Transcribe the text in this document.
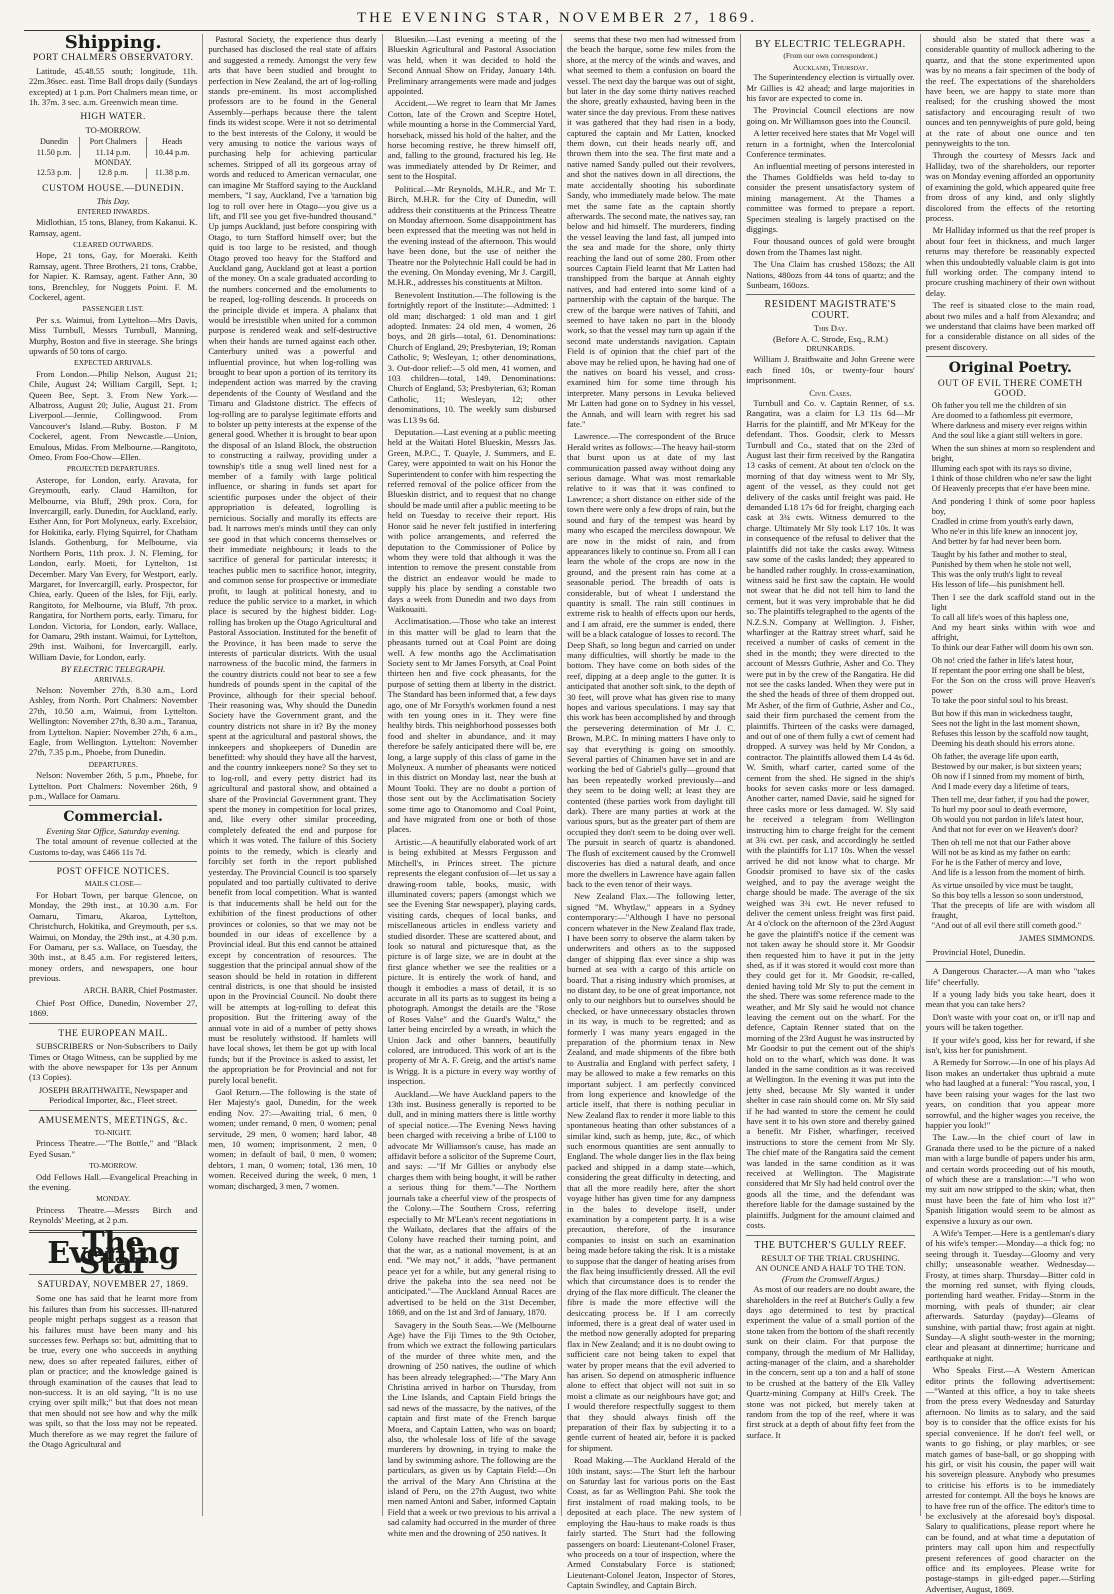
THE EVENING STAR, NOVEMBER 27, 1869.
Shipping.
PORT CHALMERS OBSERVATORY.

Latitude, 45.48.55 south; longitude, 11h. 22m.36sec. east. Time Ball drops daily (Sundays excepted) at 1 p.m. Port Chalmers mean time, or 1h. 37m. 3 sec. a.m. Greenwich mean time.

HIGH WATER.
TO-MORROW.
Dunedin	Port Chalmers	Heads
11.50 p.m.	11.14 p.m.	10.44 p.m.
MONDAY.		
12.53 p.m.	12.8 p.m.	11.38 p.m.
CUSTOM HOUSE.—DUNEDIN.
This Day.
ENTERED INWARDS.

Midlothian, 15 tons, Blaney, from Kakanui. K. Ramsay, agent.

CLEARED OUTWARDS.

Hope, 21 tons, Gay, for Moeraki. Keith Ramsay, agent. Three Brothers, 21 tons, Crabbe, for Napier. K. Ramsay, agent. Father Ann, 30 tons, Brenchley, for Nuggets Point. F. M. Cockerel, agent.

PASSENGER LIST.

Per s.s. Waimui, from Lyttelton—Mrs Davis, Miss Turnbull, Messrs Turnbull, Manning, Murphy, Boston and five in steerage. She brings upwards of 50 tons of cargo.

EXPECTED ARRIVALS.

From London.—Philip Nelson, August 21; Chile, August 24; William Cargill, Sept. 1; Queen Bee, Sept. 3. From New York.—Albatross, August 20; Julie, August 21. From Liverpool.—Jennie, Collingwood. From Vancouver's Island.—Ruby. Boston. F M Cockerel, agent. From Newcastle.—Union, Emulous, Midas. From Melbourne.—Rangitoto, Omeo. From Foo-Chow—Ellen.

PROJECTED DEPARTURES.

Asterope, for London, early. Aravata, for Greymouth, early. Claud Hamilton, for Melbourne, via Bluff, 29th prox. Cora, for Invercargill, early. Dunedin, for Auckland, early. Esther Ann, for Port Molyneux, early. Excelsior, for Hokitika, early. Flying Squirrel, for Chatham Islands. Gothenburg, for Melbourne, via Northern Ports, 11th prox. J. N. Fleming, for London, early. Moeti, for Lyttelton, 1st December. Mary Van Every, for Westport, early. Margaret, for Invercargill, early. Prospector, for Chiea, early. Queen of the Isles, for Fiji, early. Rangitoto, for Melbourne, via Bluff, 7th prox. Rangatira, for Northern ports, early. Timaru, for London. Victoria, for London, early. Wallace, for Oamaru, 29th instant. Waimui, for Lyttelton, 29th inst. Waihoni, for Invercargill, early. William Davie, for London, early.

BY ELECTRIC TELEGRAPH.
ARRIVALS.

Nelson: November 27th, 8.30 a.m., Lord Ashley, from North. Port Chalmers: November 27th, 10.50 a.m, Waimui, from Lyttelton. Wellington: November 27th, 8.30 a.m., Taranua, from Lyttelton. Napier: November 27th, 6 a.m., Eagle, from Wellington. Lyttelton: November 27th, 7.35 p.m., Phoebe, from Dunedin.

DEPARTURES.

Nelson: November 26th, 5 p.m., Phoebe, for Lyttelton. Port Chalmers: November 26th, 9 p.m., Wallace for Oamaru.

Commercial.
Evening Star Office, Saturday evening.

The total amount of revenue collected at the Customs to-day, was £466 11s 7d.

POST OFFICE NOTICES.
MAILS CLOSE—

For Hobart Town, per barque Glencoe, on Monday, the 29th inst., at 10.30 a.m. For Oamaru, Timaru, Akaroa, Lyttelton, Christchurch, Hokitika, and Greymouth, per s.s. Waimui, on Monday, the 29th inst., at 4.30 p.m. For Oamaru, per s.s. Wallace, on Tuesday, the 30th inst., at 8.45 a.m. For registered letters, money orders, and newspapers, one hour previous.

ARCH. BARR, Chief Postmaster.

Chief Post Office, Dunedin, November 27, 1869.

THE EUROPEAN MAIL.

SUBSCRIBERS or Non-Subscribers to Daily Times or Otago Witness, can be supplied by me with the above newspaper for 13s per Annum (13 Copies).

JOSEPH BRAITHWAITE, Newspaper and Periodical Importer, &c., Fleet street.
AMUSEMENTS, MEETINGS, &c.
TO-NIGHT.

Princess Theatre.—"The Bottle," and "Black Eyed Susan."

TO-MORROW.

Odd Fellows Hall.—Evangelical Preaching in the evening.

MONDAY.

Princess Theatre.—Messrs Birch and Reynolds' Meeting, at 2 p.m.

The Evening Star
SATURDAY, NOVEMBER 27, 1869.

Some one has said that he learnt more from his failures than from his successes. Ill-natured people might perhaps suggest as a reason that his failures must have been many and his successes few. Perhaps so: but, admitting that to be true, every one who succeeds in anything new, does so after repeated failures, either of plan or practice; and the knowledge gained is through examination of the causes that lead to non-success. It is an old saying, "It is no use crying over spilt milk;" but that does not mean that men should not see how and why the milk was spilt, so that the loss may not be repeated. Much therefore as we may regret the failure of the Otago Agricultural and

Pastoral Society, the experience thus dearly purchased has disclosed the real state of affairs and suggested a remedy. Amongst the very few arts that have been studied and brought to perfection in New Zealand, the art of log-rolling stands pre-eminent. Its most accomplished professors are to be found in the General Assembly—perhaps because there the talent finds its widest scope. Were it not so detrimental to the best interests of the Colony, it would be very amusing to notice the various ways of purchasing help for achieving particular schemes. Stripped of all its gorgeous array of words and reduced to American vernacular, one can imagine Mr Stafford saying to the Auckland members, "I say, Auckland, I've a 'tarnation big log to roll over here in Otago—you give us a lift, and I'll see you get five-hundred thousand." Up jumps Auckland, just before conspiring with Otago, to turn Stafford himself over; but the quid is too large to be resisted, and though Otago proved too heavy for the Stafford and Auckland gang, Auckland got at least a portion of the money. On a scale graduated according to the numbers concerned and the emoluments to be reaped, log-rolling descends. It proceeds on the principle divide et impera. A phalanx that would be irresistible when united for a common purpose is rendered weak and self-destructive when their hands are turned against each other. Canterbury united was a powerful and influential province, but when log-rolling was brought to bear upon a portion of its territory its independent action was marred by the craving dependents of the County of Westland and the Timaru and Gladstone district. The effects of log-rolling are to paralyse legitimate efforts and to bolster up petty interests at the expense of the general good. Whether it is brought to bear upon the disposal of an Island Block, the obstruction to constructing a railway, providing under a township's title a snug well lined nest for a member of a family with large political influence, or sharing in funds set apart for scientific purposes under the object of their appropriation is defeated, logrolling is pernicious. Socially and morally its effects are bad. It narrows men's minds until they can only see good in that which concerns themselves or their immediate neighbours; it leads to the sacrifice of general for particular interests; it teaches public men to sacrifice honor, integrity, and common sense for prospective or immediate profit, to laugh at political honesty, and to reduce the public service to a market, in which place is secured by the highest bidder. Log-rolling has broken up the Otago Agricultural and Pastoral Association. Instituted for the benefit of the Province, it has been made to serve the interests of particular districts. With the usual narrowness of the bucolic mind, the farmers in the country districts could not bear to see a few hundreds of pounds spent in the capital of the Province, although for their special behoof. Their reasoning was, Why should the Dunedin Society have the Government grant, and the country districts not share in it? By the money spent at the agricultural and pastoral shows, the innkeepers and shopkeepers of Dunedin are benefitted: why should they have all the harvest, and the country innkeepers none? So they set to to log-roll, and every petty district had its agricultural and pastoral show, and obtained a share of the Provincial Government grant. They spent the money in competition for local prizes, and, like every other similar proceeding, completely defeated the end and purpose for which it was voted. The failure of this Society points to the remedy, which is clearly and forcibly set forth in the report published yesterday. The Provincial Council is too sparsely populated and too partially cultivated to derive benefit from local competition. What is wanted is that inducements shall be held out for the exhibition of the finest productions of other provinces or colonies, so that we may not be bounded in our ideas of excellence by a Provincial ideal. But this end cannot be attained except by concentration of resources. The suggestion that the principal annual show of the season should be held in rotation in different central districts, is one that should be insisted upon in the Provincial Council. No doubt there will be attempts at log-rolling to defeat this proposition. But the frittering away of the annual vote in aid of a number of petty shows must be resolutely withstood. If hamlets will have local shows, let them be got up with local funds; but if the Province is asked to assist, let the appropriation be for Provincial and not for purely local benefit.

Gaol Return.—The following is the state of Her Majesty's gaol, Dunedin, for the week ending Nov. 27:—Awaiting trial, 6 men, 0 women; under remand, 0 men, 0 women; penal servitude, 29 men, 0 women; hard labor, 48 men, 10 women; imprisonment, 2 men, 0 women; in default of bail, 0 men, 0 women; debtors, 1 man, 0 women; total, 136 men, 10 women. Received during the week, 0 men, 1 woman; discharged, 3 men, 7 women.

Bluesikn.—Last evening a meeting of the Blueskin Agricultural and Pastoral Association was held, when it was decided to hold the Second Annual Show on Friday, January 14th. Preliminary arrangements were made and judges appointed.

Accident.—We regret to learn that Mr James Cotton, late of the Crown and Sceptre Hotel, while mounting a horse in the Commercial Yard, horseback, missed his hold of the halter, and the horse becoming restive, he threw himself off, and, falling to the ground, fractured his leg. He was immediately attended by Dr Reimer, and sent to the Hospital.

Political.—Mr Reynolds, M.H.R., and Mr T. Birch, M.H.R. for the City of Dunedin, will address their constituents at the Princess Theatre on Monday afternoon. Some disappointment has been expressed that the meeting was not held in the evening instead of the afternoon. This would have been done, but the use of neither the Theatre nor the Polytechnic Hall could be had in the evening. On Monday evening, Mr J. Cargill, M.H.R., addresses his constituents at Milton.

Benevolent Institution.—The following is the fortnightly report of the Institute:—Admitted: 1 old man; discharged: 1 old man and 1 girl adopted. Inmates: 24 old men, 4 women, 26 boys, and 28 girls—total, 61. Denominations: Church of England, 29; Presbyterian, 19; Roman Catholic, 9; Wesleyan, 1; other denominations, 3. Out-door relief:—5 old men, 41 women, and 103 children—total, 149. Denominations: Church of England, 53; Presbyterian, 63; Roman Catholic, 11; Wesleyan, 12; other denominations, 10. The weekly sum disbursed was L13 9s 6d.

Deputation.—Last evening at a public meeting held at the Waitati Hotel Blueskin, Messrs Jas. Green, M.P.C., T. Quayle, J. Summers, and E. Carey, were appointed to wait on his Honor the Superintendent to confer with him respecting the referred removal of the police officer from the Blueskin district, and to request that no change should be made until after a public meeting to be held on Tuesday to receive their report. His Honor said he never felt justified in interfering with police arrangements, and referred the deputation to the Commissioner of Police by whom they were told that although it was the intention to remove the present constable from the district an endeavor would be made to supply his place by sending a constable two days a week from Dunedin and two days from Waikouaiti.

Acclimatisation.—Those who take an interest in this matter will be glad to learn that the pheasants turned out at Coal Point are doing well. A few months ago the Acclimatisation Society sent to Mr James Forsyth, at Coal Point thirteen hen and five cock pheasants, for the purpose of setting them at liberty in the district. The Standard has been informed that, a few days ago, one of Mr Forsyth's workmen found a nest with ten young ones in it. They were fine healthy birds. This neighborhood possesses both food and shelter in abundance, and it may therefore be safely anticipated there will be, ere long, a large supply of this class of game in the Molyneux. A number of pheasants were noticed in this district on Monday last, near the bush at Mount Tooki. They are no doubt a portion of those sent out by the Acclimatisation Society some time ago to Otanomomo and Coal Point, and have migrated from one or both of those places.

Artistic.—A beautifully elaborated work of art is being exhibited at Messrs Fergusson and Mitchell's, in Princes street. The picture represents the elegant confusion of—let us say a drawing-room table, books, music, with illuminated covers; papers (amongst which we see the Evening Star newspaper), playing cards, visiting cards, cheques of local banks, and miscellaneous articles in endless variety and studied disorder. These are scattered about, and look so natural and picturesque that, as the picture is of large size, we are in doubt at the first glance whether we see the realities or a picture. It is entirely the work of hand, and though it embodies a mass of detail, it is so accurate in all its parts as to suggest its being a photograph. Amongst the details are the "Rose of Roses Valse" and the Guard's Waltz," the latter being encircled by a wreath, in which the Union Jack and other banners, beautifully colored, are introduced. This work of art is the property of Mr A. F. Greig, and the artist's name is Wrigg. It is a picture in every way worthy of inspection.

Auckland.—We have Auckland papers to the 13th inst. Business generally is reported to be dull, and in mining matters there is little worthy of special notice.—The Evening News having been charged with receiving a bribe of L100 to advocate Mr Williamson's cause, has made an affidavit before a solicitor of the Supreme Court, and says: —"If Mr Gillies or anybody else charges them with being bought, it will be rather a serious thing for them."—The Northern journals take a cheerful view of the prospects of the Colony.—The Southern Cross, referring especially to Mr M'Lean's recent negotiations in the Waikato, declares that the affairs of the Colony have reached their turning point, and that the war, as a national movement, is at an end. "We may not," it adds, "have permanent peace yet for a while, but any general rising to drive the pakeha into the sea need not be anticipated."—The Auckland Annual Races are advertised to be held on the 31st December, 1869, and on the 1st and 3rd of January, 1870.

Savagery in the South Seas.—We (Melbourne Age) have the Fiji Times to the 9th October, from which we extract the following particulars of the murder of three white men, and the drowning of 250 natives, the outline of which has been already telegraphed:—"The Mary Ann Christina arrived in harbor on Thursday, from the Line Islands, and Captain Field brings the sad news of the massacre, by the natives, of the captain and first mate of the French barque Moera, and Captain Latten, who was on board; also, the wholesale loss of life of the savage murderers by drowning, in trying to make the land by swimming ashore. The following are the particulars, as given us by Captain Field:—On the arrival of the Mary Ann Christina at the island of Peru, on the 27th August, two white men named Antoni and Saber, informed Captain Field that a week or two previous to his arrival a sad calamity had occurred in the murder of three white men and the drowning of 250 natives. It

seems that these two men had witnessed from the beach the barque, some few miles from the shore, at the mercy of the winds and waves, and what seemed to them a confusion on board the vessel. The next day the barque was out of sight, but later in the day some thirty natives reached the shore, greatly exhausted, having been in the water since the day previous. From these natives it was gathered that they had risen in a body, captured the captain and Mr Latten, knocked them down, cut their heads nearly off, and thrown them into the sea. The first mate and a native named Sandy pulled out their revolvers, and shot the natives down in all directions, the mate accidentally shooting his subordinate Sandy, who immediately made below. The mate met the same fate as the captain shortly afterwards. The second mate, the natives say, ran below and hid himself. The murderers, finding the vessel leaving the land fast, all jumped into the sea and made for the shore, only thirty reaching the land out of some 280. From other sources Captain Field learnt that Mr Latten had transhipped from the barque at Annah eighty natives, and had entered into some kind of a partnership with the captain of the barque. The crew of the barque were natives of Tahiti, and seemed to have taken no part in the bloody work, so that the vessel may turn up again if the second mate understands navigation. Captain Field is of opinion that the chief part of the above may be relied upon, he having had one of the natives on board his vessel, and cross-examined him for some time through his interpreter. Many persons in Levuka believed Mr Latten had gone on to Sydney in his vessel, the Annah, and will learn with regret his sad fate."

Lawrence.—The correspondent of the Bruce Herald writes as follows:—The heavy hail-storm that burst upon us at date of my last communication passed away without doing any serious damage. What was most remarkable relative to it was that it was confined to Lawrence; a short distance on either side of the town there were only a few drops of rain, but the sound and fury of the tempest was heard by many who escaped the merciless downpour. We are now in the midst of rain, and from appearances likely to continue so. From all I can learn the whole of the crops are now in the ground, and the present rain has come at a seasonable period. The breadth of oats is considerable, but of wheat I understand the quantity is small. The rain still continues in extreme risk to health of effects upon our herds, and I am afraid, ere the summer is ended, there will be a black catalogue of losses to record. The Deep Shaft, so long begun and carried on under many difficulties, will shortly be made to the bottom. They have come on both sides of the reef, dipping at a deep angle to the gutter. It is anticipated that another soft sink, to the depth of 30 feet, will prove what has given rise to many hopes and various speculations. I may say that this work has been accomplished by and through the persevering determination of Mr J. C. Brown, M.P.C. In mining matters I have only to say that everything is going on smoothly. Several parties of Chinamen have set in and are working the bed of Gabriel's gully—ground that has been repeatedly worked previously—and they seem to be doing well; at least they are contented (these parties work from daylight till dark). There are many parties at work at the various spurs, but as the greater part of them are occupied they don't seem to be doing over well. The pursuit in search of quartz is abandoned. The flush of excitement caused by the Cromwell discoveries has died a natural death, and once more the dwellers in Lawrence have again fallen back to the even tenor of their ways.

New Zealand Flax.—The following letter, signed "M. Whytlaw," appears in a Sydney contemporary:—"Although I have no personal concern whatever in the New Zealand flax trade, I have been sorry to observe the alarm taken by underwriters and others as to the supposed danger of shipping flax ever since a ship was burned at sea with a cargo of this article on board. That a rising industry which promises, at no distant day, to be one of great importance, not only to our neighbors but to ourselves should be checked, or have unnecessary obstacles thrown in its way, is much to be regretted; and as formerly I was many years engaged in the preparation of the phormium tenax in New Zealand, and made shipments of the fibre both to Australia and England with perfect safety, I may be allowed to make a few remarks on this important subject. I am perfectly convinced from long experience and knowledge of the article itself, that there is nothing peculiar in New Zealand flax to render it more liable to this spontaneous heating than other substances of a similar kind, such as hemp, jute, &c., of which such enormous quantities are sent annually to England. The whole danger lies in the flax being packed and shipped in a damp state—which, considering the great difficulty in detecting, and that all the more readily here, after the short voyage hither has given time for any dampness in the bales to develope itself, under examination by a competent party. It is a wise precaution, therefore, of the insurance companies to insist on such an examination being made before taking the risk. It is a mistake to suppose that the danger of heating arises from the flax being insufficiently dressed. All the evil which that circumstance does is to render the drying of the flax more difficult. The cleaner the fibre is made the more effective will the desiccating process be. If I am correctly informed, there is a great deal of water used in the method now generally adopted for preparing flax in New Zealand; and it is no doubt owing to sufficient care not being taken to expel that water by proper means that the evil adverted to has arisen. So depend on atmospheric influence alone to effect that object will not suit in so moist a climate as our neighbours have got; and I would therefore respectfully suggest to them that they should always finish off the preparation of their flax by subjecting it to a gentle current of heated air, before it is packed for shipment.

Road Making.—The Auckland Herald of the 10th instant, says:—The Sturt left the harbour on Saturday last for various ports on the East Coast, as far as Wellington Pahi. She took the first instalment of road making tools, to be deposited at each place. The new system of employing the Hau-haus to make roads is thus fairly started. The Sturt had the following passengers on board: Lieutenant-Colonel Fraser, who proceeds on a tour of inspection, where the Armed Constabulary Force is stationed; Lieutenant-Colonel Jeaton, Inspector of Stores, Captain Swindley, and Captain Birch.

BY ELECTRIC TELEGRAPH.
(From our own correspondent.)
Auckland, Thursday.

The Superintendency election is virtually over. Mr Gillies is 42 ahead; and large majorities in his favor are expected to come in.

The Provincial Council elections are now going on. Mr Williamson goes into the Council.

A letter received here states that Mr Vogel will return in a fortnight, when the Intercolonial Conference terminates.

An influential meeting of persons interested in the Thames Goldfields was held to-day to consider the present unsatisfactory system of mining management. At the Thames a committee was formed to prepare a report. Specimen stealing is largely practised on the diggings.

Four thousand ounces of gold were brought down from the Thames last night.

The Una Claim has crushed 158ozs; the All Nations, 480ozs from 44 tons of quartz; and the Sunbeam, 160ozs.

RESIDENT MAGISTRATE'S COURT.
This Day.
(Before A. C. Strode, Esq., R.M.)
DRUNKARDS.

William J. Braithwaite and John Greene were each fined 10s, or twenty-four hours' imprisonment.

Civil Cases.

Turnbull and Co. v. Captain Renner, of s.s. Rangatira, was a claim for L3 11s 6d—Mr Harris for the plaintiff, and Mr M'Keay for the defendant. Thos. Goodsir, clerk to Messrs Turnbull and Co., stated that on the 23rd of August last their firm received by the Rangatira 13 casks of cement. At about ten o'clock on the morning of that day witness went to Mr Sly, agent of the vessel, as they could not get delivery of the casks until freight was paid. He demanded L18 17s 6d for freight, charging each cask at 3¾ cwts. Witness demurred to the charge. Ultimately Mr Sly took L17 10s. It was in consequence of the refusal to deliver that the plaintiffs did not take the casks away. Witness saw some of the casks landed; they appeared to be handled rather roughly. In cross-examination, witness said he first saw the captain. He would not swear that he did not tell him to land the cement, but it was very improbable that he did so. The plaintiffs telegraphed to the agents of the N.Z.S.N. Company at Wellington. J. Fisher, wharfinger at the Rattray street wharf, said he received a number of casks of cement in the shed in the month; they were directed to the account of Messrs Guthrie, Asher and Co. They were put in by the crew of the Rangatira. He did not see the casks landed. When they were put in the shed the heads of three of them dropped out. Mr Asher, of the firm of Guthrie, Asher and Co., said their firm purchased the cement from the plaintiffs. Thirteen of the casks were damaged, and out of one of them fully a cwt of cement had dropped. A survey was held by Mr Condon, a contractor. The plaintiffs allowed them L4 4s 6d. W. Smith, wharf carter, carted some of the cement from the shed. He signed in the ship's books for seven casks more or less damaged. Another carter, named Davie, said he signed for three casks more or less damaged. W. Sly said he received a telegram from Wellington instructing him to charge freight for the cement at 3¾ cwt. per cask, and accordingly he settled with the plaintiffs for L17 10s. When the vessel arrived he did not know what to charge. Mr Goodsir promised to have six of the casks weighed, and to pay the average weight the charge should be made. The average of the six weighed was 3¾ cwt. He never refused to deliver the cement unless freight was first paid. At 4 o'clock on the afternoon of the 23rd August he gave the plaintiff's notice if the cement was not taken away he should store it. Mr Goodsir then requested him to have it put in the jetty shed, as if it was stored it would cost more than they could get for it. Mr Goodsir, re-called, denied having told Mr Sly to put the cement in the shed. There was some reference made to the weather, and Mr Sly said he would not chance leaving the cement out on the wharf. For the defence, Captain Renner stated that on the morning of the 23rd August he was instructed by Mr Goodsir to put the cement out of the ship's hold on to the wharf, which was done. It was landed in the same condition as it was received at Wellington. In the evening it was put into the jetty shed, because Mr Sly wanted it under shelter in case rain should come on. Mr Sly said if he had wanted to store the cement he could have sent it to his own store and thereby gained a benefit. Mr Fisher, wharfinger, received instructions to store the cement from Mr Sly. The chief mate of the Rangatira said the cement was landed in the same condition as it was received at Wellington. The Magistrate considered that Mr Sly had held control over the goods all the time, and the defendant was therefore liable for the damage sustained by the plaintiffs. Judgment for the amount claimed and costs.

THE BUTCHER'S GULLY REEF.
RESULT OF THE TRIAL CRUSHING.
AN OUNCE AND A HALF TO THE TON.
(From the Cromwell Argus.)

As most of our readers are no doubt aware, the shareholders in the reef at Butcher's Gully a few days ago determined to test by practical experiment the value of a small portion of the stone taken from the bottom of the shaft recently sunk on their claim. For that purpose the company, through the medium of Mr Halliday, acting-manager of the claim, and a shareholder in the concern, sent up a ton and a half of stone to be crushed at the battery of the Elk Valley Quartz-mining Company at Hill's Creek. The stone was not picked, but merely taken at random from the top of the reef, where it was first struck at a depth of about fifty feet from the surface. It

should also be stated that there was a considerable quantity of mullock adhering to the quartz, and that the stone experimented upon was by no means a fair specimen of the body of the reef. The expectations of the shareholders have been, we are happy to state more than realised; for the crushing showed the most satisfactory and encouraging result of two ounces and ten pennyweights of pure gold, being at the rate of about one ounce and ten pennyweights to the ton.

Through the courtesy of Messrs Jack and Halliday, two of the shareholders, our reporter was on Monday evening afforded an opportunity of examining the gold, which appeared quite free from dross of any kind, and only slightly discolored from the effects of the retorting process.

Mr Halliday informed us that the reef proper is about four feet in thickness, and much larger returns may therefore be reasonably expected when this undoubtedly valuable claim is got into full working order. The company intend to procure crushing machinery of their own without delay.

The reef is situated close to the main road, about two miles and a half from Alexandra; and we understand that claims have been marked off for a considerable distance on all sides of the present discovery.

Original Poetry.
OUT OF EVIL THERE COMETH GOOD.

Oh father you tell me the children of sin
Are doomed to a fathomless pit evermore,
Where darkness and misery ever reigns within
And the soul like a giant still welters in gore.
When the sun shines at morn so resplendent and bright,
Illuming each spot with its rays so divine,
I think of those children who ne'er saw the light
Of Heavenly precepts that e'er have been mine.
And pondering I think of some poor hapless boy,
Cradled in crime from youth's early dawn,
Who ne'er in this life knew an innocent joy,
And better by far had never been born.
Taught by his father and mother to steal,
Punished by them when he stole not well,
This was the only truth's light to reveal
His lesson of life—his punishment hell.
Then I see the dark scaffold stand out in the light
To call all life's woes of this hapless one,
And my heart sinks within with woe and affright,
To think our dear Father will doom his own son.
Oh no! cried the father in life's latest hour,
If repentant the poor erring one shall be blest,
For the Son on the cross will prove Heaven's power
To take the poor sinful soul to his breast.
But how if this man in wickedness taught,
Sees not the light in the last moment shown,
Refuses this lesson by the scaffold now taught,
Deeming his death should his errors atone.
Oh father, the average life upon earth,
Bestowed by our maker, is but sixteen years;
Oh now if I sinned from my moment of birth,
And I made every day a lifetime of tears,
Then tell me, dear father, if you had the power,
To hurl my poor soul to death evermore,
Oh would you not pardon in life's latest hour,
And that not for ever on we Heaven's door?
Then oh tell me not that our Father above
Will not be as kind as my father on earth:
For he is the Father of mercy and love,
And life is a lesson from the moment of birth.
As virtue unsoiled by vice must be taught,
So this boy tells a lesson so soon understood,
That the precepts of life are with wisdom all fraught,
"And out of all evil there still cometh good."

JAMES SIMMONDS.

Provincial Hotel, Dunedin.

A Dangerous Character.—A man who "takes life" cheerfully.

If a young lady bids you take heart, does it mean that you can take hers?

Don't waste with your coat on, or it'll nap and yours will be taken together.

If your wife's good, kiss her for reward, if she isn't, kiss her for punishment.

A Remedy for Sorrow.—In one of his plays Ad lison makes an undertaker thus upbraid a mute who had laughed at a funeral: "You rascal, you, I have been raising your wages for the last two years, on condition that you appear more sorrowful, and the higher wages you receive, the happier you look!"

The Law.—In the chief court of law in Granada there used to be the picture of a naked man with a large bundle of papers under his arm, and certain words proceeding out of his mouth, of which these are a translation:—"I who won my suit am now stripped to the skin; what, then must have been the fate of him who lost it?" Spanish litigation would seem to be almost as expensive a luxury as our own.

A Wife's Temper.—Here is a gentleman's diary of his wife's temper:—Monday—a thick fog; no seeing through it. Tuesday—Gloomy and very chilly; unseasonable weather. Wednesday—Frosty, at times sharp. Thursday—Bitter cold in the morning red sunset, with flying clouds, portending hard weather. Friday—Storm in the morning, with peals of thunder; air clear afterwards. Saturday (payday)—Gleams of sunshine, with partial thaw; frost again at night. Sunday—A slight south-wester in the morning; clear and pleasant at dinnertime; hurricane and earthquake at night.

Who Speaks First.—A Western American editor prints the following advertisement:—"Wanted at this office, a boy to take sheets from the press every Wednesday and Saturday afternoon. No limits as to salary, and the said boy is to consider that the office exists for his special convenience. If he don't feel well, or wants to go fishing, or play marbles, or see match games of base-ball, or go shopping with his girl, or visit his cousin, the paper will wait his sovereign pleasure. Anybody who presumes to criticise his efforts is to be immediately arrested for contempt. All the boys he knows are to have free run of the office. The editor's time to be exclusively at the aforesaid boy's disposal. Salary to qualifications, please report where he can be found, and at what time a deputation of printers may call upon him and respectfully present references of good character on the office and its employees. Please write for postage-stamps in gilt-edged paper.—Stirling Advertiser, August, 1869.
